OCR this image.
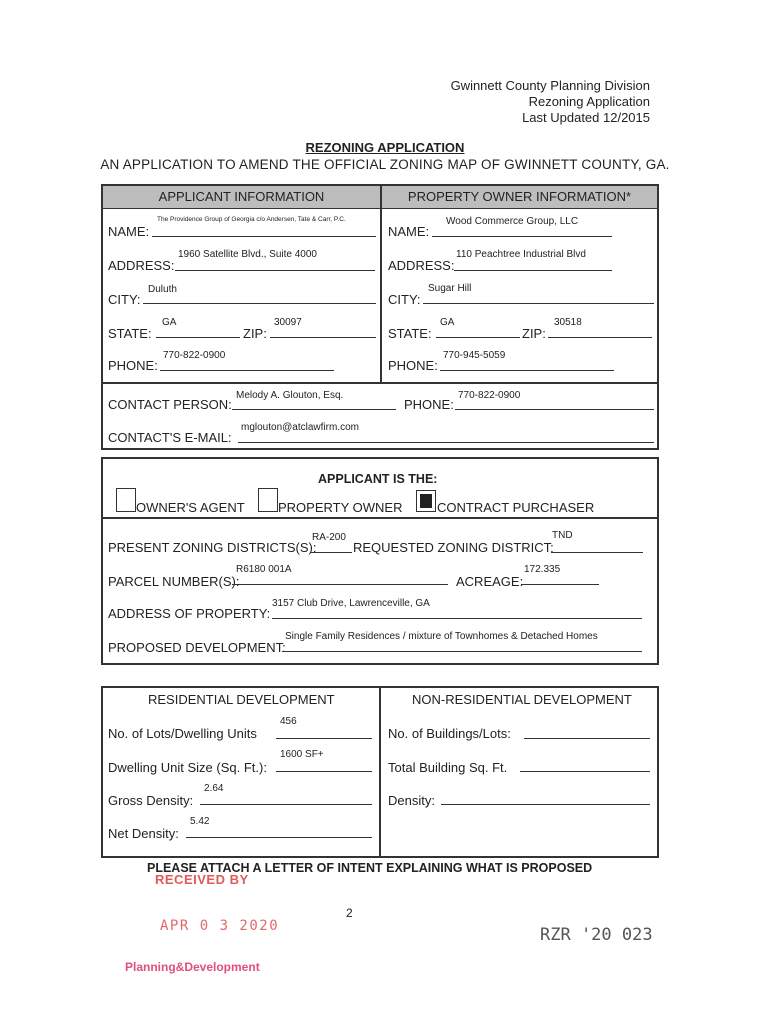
Gwinnett County Planning Division
Rezoning Application
Last Updated 12/2015
REZONING APPLICATION
AN APPLICATION TO AMEND THE OFFICIAL ZONING MAP OF GWINNETT COUNTY, GA.
APPLICANT INFORMATION	PROPERTY OWNER INFORMATION*
NAME:
The Providence Group of Georgia c/o Andersen, Tate & Carr, P.C.
ADDRESS:
1960 Satellite Blvd., Suite 4000
CITY:
Duluth
STATE:
GA
ZIP:
30097
PHONE:
770-822-0900
NAME:
Wood Commerce Group, LLC
ADDRESS:
110 Peachtree Industrial Blvd
CITY:
Sugar Hill
STATE:
GA
ZIP:
30518
PHONE:
770-945-5059
CONTACT PERSON:
Melody A. Glouton, Esq.
PHONE:
770-822-0900
CONTACT'S E-MAIL:
mglouton@atclawfirm.com
APPLICANT IS THE:
OWNER'S AGENT	PROPERTY OWNER	CONTRACT PURCHASER
PRESENT ZONING DISTRICTS(S):
RA-200
REQUESTED ZONING DISTRICT:
TND
PARCEL NUMBER(S):
R6180 001A
ACREAGE:
172.335
ADDRESS OF PROPERTY:
3157 Club Drive, Lawrenceville, GA
PROPOSED DEVELOPMENT:
Single Family Residences / mixture of Townhomes & Detached Homes
RESIDENTIAL DEVELOPMENT	NON-RESIDENTIAL DEVELOPMENT
No. of Lots/Dwelling Units
456
Dwelling Unit Size (Sq. Ft.):
1600 SF+
Gross Density:
2.64
Net Density:
5.42
No. of Buildings/Lots:
Total Building Sq. Ft.
Density:
PLEASE ATTACH A LETTER OF INTENT EXPLAINING WHAT IS PROPOSED
RECEIVED BY
2
APR 0 3 2020	RZR '20 023
Planning&Development
